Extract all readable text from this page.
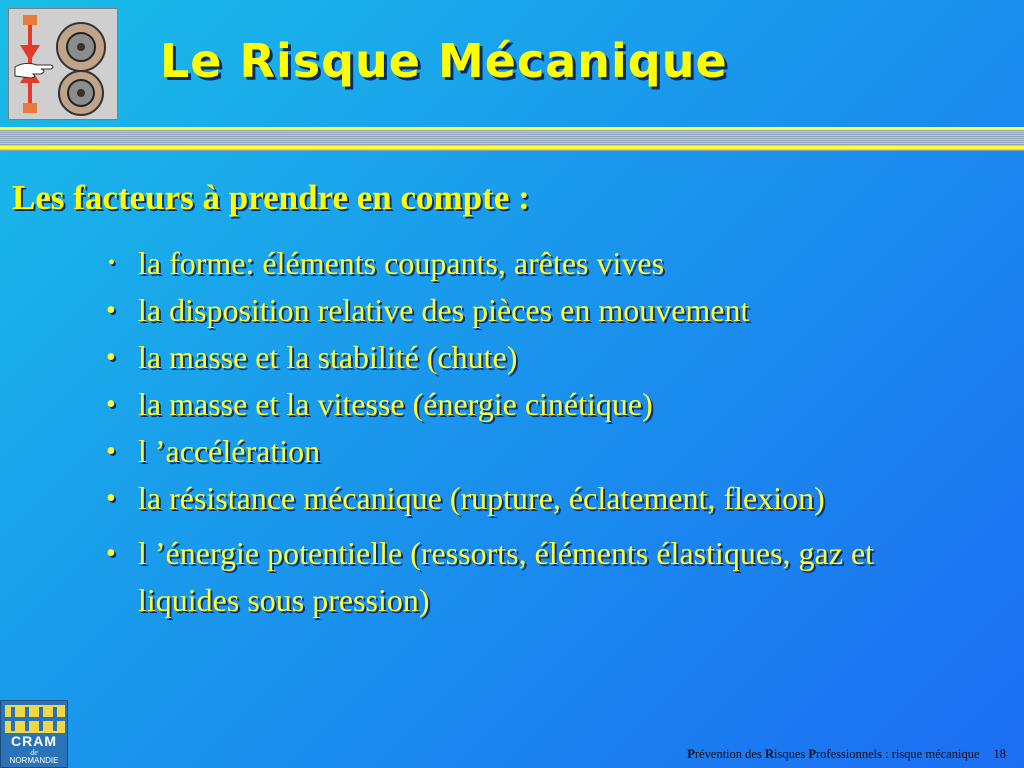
Le Risque Mécanique
Les facteurs à prendre en compte :
• la forme: éléments coupants, arêtes vives
• la disposition relative des pièces en mouvement
• la masse et la stabilité (chute)
• la masse et la vitesse (énergie cinétique)
• l ’accélération
• la résistance mécanique (rupture, éclatement, flexion)
• l ’énergie potentielle (ressorts, éléments élastiques, gaz et liquides sous pression)
CRAM
de
NORMANDIE	Prévention des Risques Professionnels : risque mécanique 18
